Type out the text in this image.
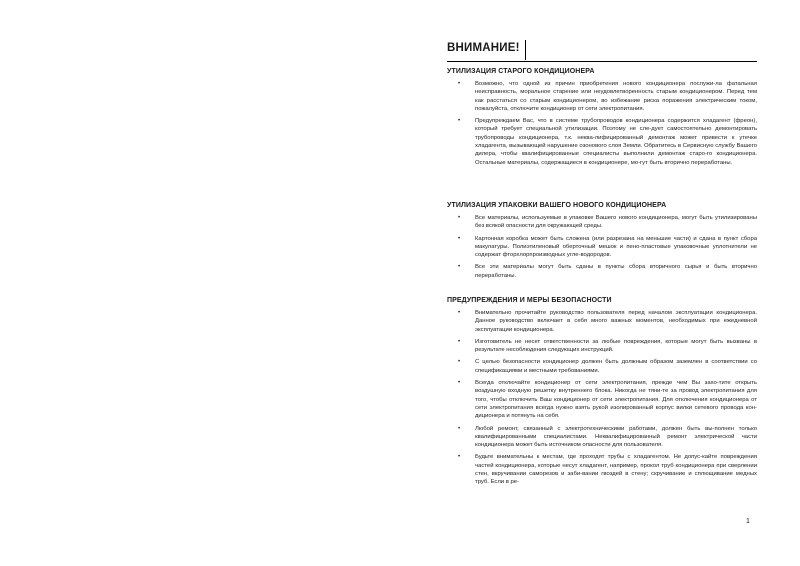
ВНИМАНИЕ!
УТИЛИЗАЦИЯ СТАРОГО КОНДИЦИОНЕРА
•	Возможно, что одной из причин приобретения нового кондиционера послужи-ла фатальная неисправность, моральное старение или неудовлетворенность старым кондиционером. Перед тем как расстаться со старым кондиционером, во избежание риска поражения электрическим током, пожалуйста, отключите кондиционер от сети электропитания.
•	Предупреждаем Вас, что в системе трубопроводов кондиционера содержится хладагент (фреон), который требует специальной утилизации. Поэтому не сле-дует самостоятельно демонтировать трубопроводы кондиционера, т.к. неква-лифицированный демонтаж может привести к утечке хладагента, вызывающей нарушение озонового слоя Земли. Обратитесь в Сервисную службу Вашего дилера, чтобы квалифицированные специалисты выполнили демонтаж старо-го кондиционера. Остальные материалы, содержащиеся в кондиционере, мо-гут быть вторично переработаны.
УТИЛИЗАЦИЯ УПАКОВКИ ВАШЕГО НОВОГО КОНДИЦИОНЕРА
•	Все материалы, используемые в упаковке Вашего нового кондиционера, могут быть утилизированы без всякой опасности для окружающей среды.
•	Картонная коробка может быть сложена (или разрезана на меньшие части) и сдана в пункт сбора макулатуры. Полиэтиленовый оберточный мешок и пено-пластовые упаковочные уплотнители не содержат фторхлорпроизводных угле-водородов.
•	Все эти материалы могут быть сданы в пункты сбора вторичного сырья и быть вторично переработаны.
ПРЕДУПРЕЖДЕНИЯ И МЕРЫ БЕЗОПАСНОСТИ
•	Внимательно прочитайте руководство пользователя перед началом эксплуатации кондиционера. Данное руководство включает в себя много важных моментов, необходимых при ежедневной эксплуатации кондиционера.
•	Изготовитель не несет ответственности за любые повреждения, которые могут быть вызваны в результате несоблюдения следующих инструкций.
•	С целью безопасности кондиционер должен быть должным образом заземлен в соответствии со спецификациями и местными требованиями.
•	Всегда отключайте кондиционер от сети электропитания, прежде чем Вы захо-тите открыть воздушную входную решетку внутреннего блока. Никогда не тяни-те за провод электропитания для того, чтобы отключить Ваш кондиционер от сети электропитания. Для отключения кондиционера от сети электропитания всегда нужно взять рукой изолированный корпус вилки сетевого провода кон-диционера и потянуть на себя.
•	Любой ремонт, связанный с электротехническими работами, должен быть вы-полнен только квалифицированными специалистами. Неквалифицированный ремонт электрической части кондиционера может быть источником опасности для пользователя.
•	Будьте внимательны к местам, где проходят трубы с хладагентом. Не допус-кайте повреждения частей кондиционера, которые несут хладагент, например, прокол труб кондиционера при сверлении стен, вкручивании саморезов и заби-вании гвоздей в стену; скручивание и сплющивание медных труб. Если в ре-
1
